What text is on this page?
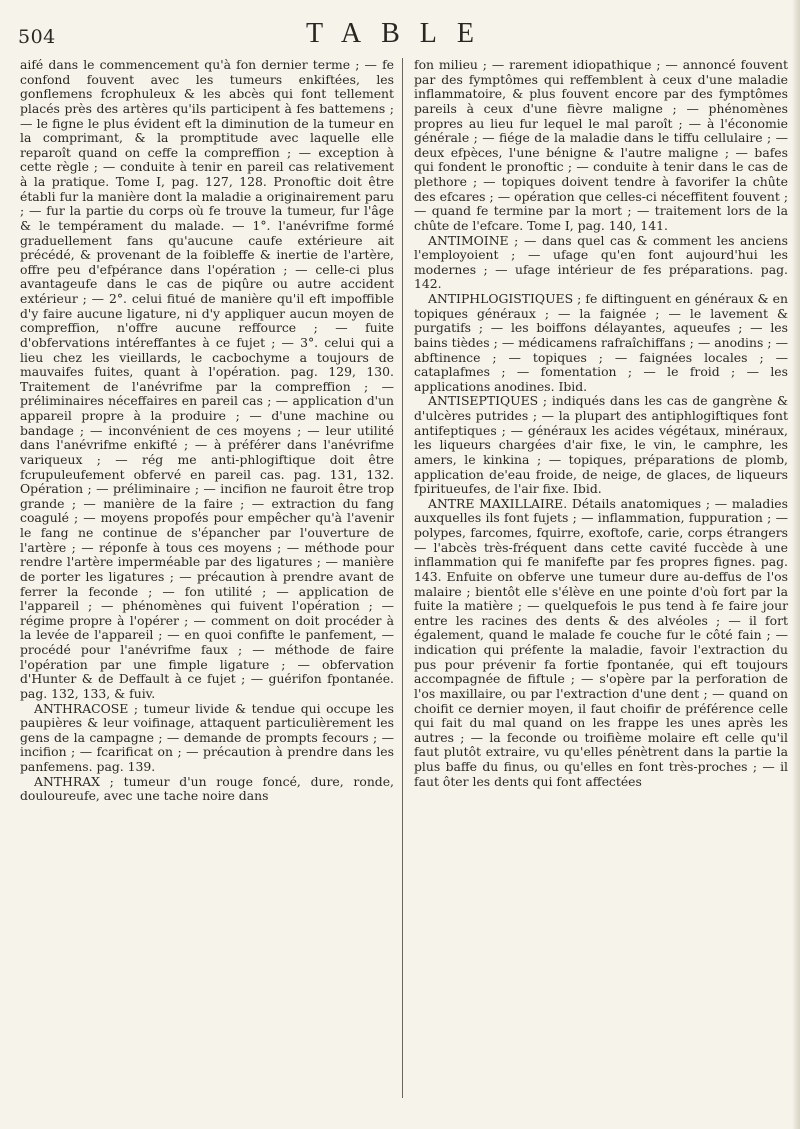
504	TABLE

aifé dans le commencement qu'à fon dernier terme ; — fe confond fouvent avec les tumeurs enkiftées, les gonflemens fcrophuleux & les abcès qui font tellement placés près des artères qu'ils participent à fes battemens ; — le figne le plus évident eft la diminution de la tumeur en la comprimant, & la promptitude avec laquelle elle reparoît quand on ceffe la compreffion ; — exception à cette règle ; — conduite à tenir en pareil cas relativement à la pratique. Tome I, pag. 127, 128. Pronoftic doit être établi fur la manière dont la maladie a originairement paru ; — fur la partie du corps où fe trouve la tumeur, fur l'âge & le tempérament du malade. — 1°. l'anévrifme formé graduellement fans qu'aucune caufe extérieure ait précédé, & provenant de la foibleffe & inertie de l'artère, offre peu d'efpérance dans l'opération ; — celle-ci plus avantageufe dans le cas de piqûre ou autre accident extérieur ; — 2°. celui fitué de manière qu'il eft impoffible d'y faire aucune ligature, ni d'y appliquer aucun moyen de compreffion, n'offre aucune reffource ; — fuite d'obfervations intéreffantes à ce fujet ; — 3°. celui qui a lieu chez les vieillards, le cacbochyme a toujours de mauvaifes fuites, quant à l'opération. pag. 129, 130. Traitement de l'anévrifme par la compreffion ; — préliminaires néceffaires en pareil cas ; — application d'un appareil propre à la produire ; — d'une machine ou bandage ; — inconvénient de ces moyens ; — leur utilité dans l'anévrifme enkifté ; — à préférer dans l'anévrifme variqueux ; — rég me anti-phlogiftique doit être fcrupuleufement obfervé en pareil cas. pag. 131, 132. Opération ; — préliminaire ; — incifion ne fauroit être trop grande ; — manière de la faire ; — extraction du fang coagulé ; — moyens propofés pour empêcher qu'à l'avenir le fang ne continue de s'épancher par l'ouverture de l'artère ; — réponfe à tous ces moyens ; — méthode pour rendre l'artère imperméable par des ligatures ; — manière de porter les ligatures ; — précaution à prendre avant de ferrer la feconde ; — fon utilité ; — application de l'appareil ; — phénomènes qui fuivent l'opération ; — régime propre à l'opérer ; — comment on doit procéder à la levée de l'appareil ; — en quoi confifte le panfement, — procédé pour l'anévrifme faux ; — méthode de faire l'opération par une fimple ligature ; — obfervation d'Hunter & de Deffault à ce fujet ; — guérifon fpontanée. pag. 132, 133, & fuiv.

ANTHRACOSE ; tumeur livide & tendue qui occupe les paupières & leur voifinage, attaquent particulièrement les gens de la campagne ; — demande de prompts fecours ; — incifion ; — fcarificat on ; — précaution à prendre dans les panfemens. pag. 139.

ANTHRAX ; tumeur d'un rouge foncé, dure, ronde, douloureufe, avec une tache noire dans

fon milieu ; — rarement idiopathique ; — annoncé fouvent par des fymptômes qui reffemblent à ceux d'une maladie inflammatoire, & plus fouvent encore par des fymptômes pareils à ceux d'une fièvre maligne ; — phénomènes propres au lieu fur lequel le mal paroît ; — à l'économie générale ; — fiége de la maladie dans le tiffu cellulaire ; — deux efpèces, l'une bénigne & l'autre maligne ; — bafes qui fondent le pronoftic ; — conduite à tenir dans le cas de plethore ; — topiques doivent tendre à favorifer la chûte des efcares ; — opération que celles-ci néceffitent fouvent ; — quand fe termine par la mort ; — traitement lors de la chûte de l'efcare. Tome I, pag. 140, 141.

ANTIMOINE ; — dans quel cas & comment les anciens l'employoient ; — ufage qu'en font aujourd'hui les modernes ; — ufage intérieur de fes préparations. pag. 142.

ANTIPHLOGISTIQUES ; fe diftinguent en généraux & en topiques généraux ; — la faignée ; — le lavement & purgatifs ; — les boiffons délayantes, aqueufes ; — les bains tièdes ; — médicamens rafraîchiffans ; — anodins ; — abftinence ; — topiques ; — faignées locales ; — cataplafmes ; — fomentation ; — le froid ; — les applications anodines. Ibid.

ANTISEPTIQUES ; indiqués dans les cas de gangrène & d'ulcères putrides ; — la plupart des antiphlogiftiques font antifeptiques ; — généraux les acides végétaux, minéraux, les liqueurs chargées d'air fixe, le vin, le camphre, les amers, le kinkina ; — topiques, préparations de plomb, application de'eau froide, de neige, de glaces, de liqueurs fpiritueufes, de l'air fixe. Ibid.

ANTRE MAXILLAIRE. Détails anatomiques ; — maladies auxquelles ils font fujets ; — inflammation, fuppuration ; — polypes, farcomes, fquirre, exoftofe, carie, corps étrangers — l'abcès très-fréquent dans cette cavité fuccède à une inflammation qui fe manifefte par fes propres fignes. pag. 143. Enfuite on obferve une tumeur dure au-deffus de l'os malaire ; bientôt elle s'élève en une pointe d'où fort par la fuite la matière ; — quelquefois le pus tend à fe faire jour entre les racines des dents & des alvéoles ; — il fort également, quand le malade fe couche fur le côté fain ; — indication qui préfente la maladie, favoir l'extraction du pus pour prévenir fa fortie fpontanée, qui eft toujours accompagnée de fiftule ; — s'opère par la perforation de l'os maxillaire, ou par l'extraction d'une dent ; — quand on choifit ce dernier moyen, il faut choifir de préférence celle qui fait du mal quand on les frappe les unes après les autres ; — la feconde ou troifième molaire eft celle qu'il faut plutôt extraire, vu qu'elles pénètrent dans la partie la plus baffe du finus, ou qu'elles en font très-proches ; — il faut ôter les dents qui font affectées
